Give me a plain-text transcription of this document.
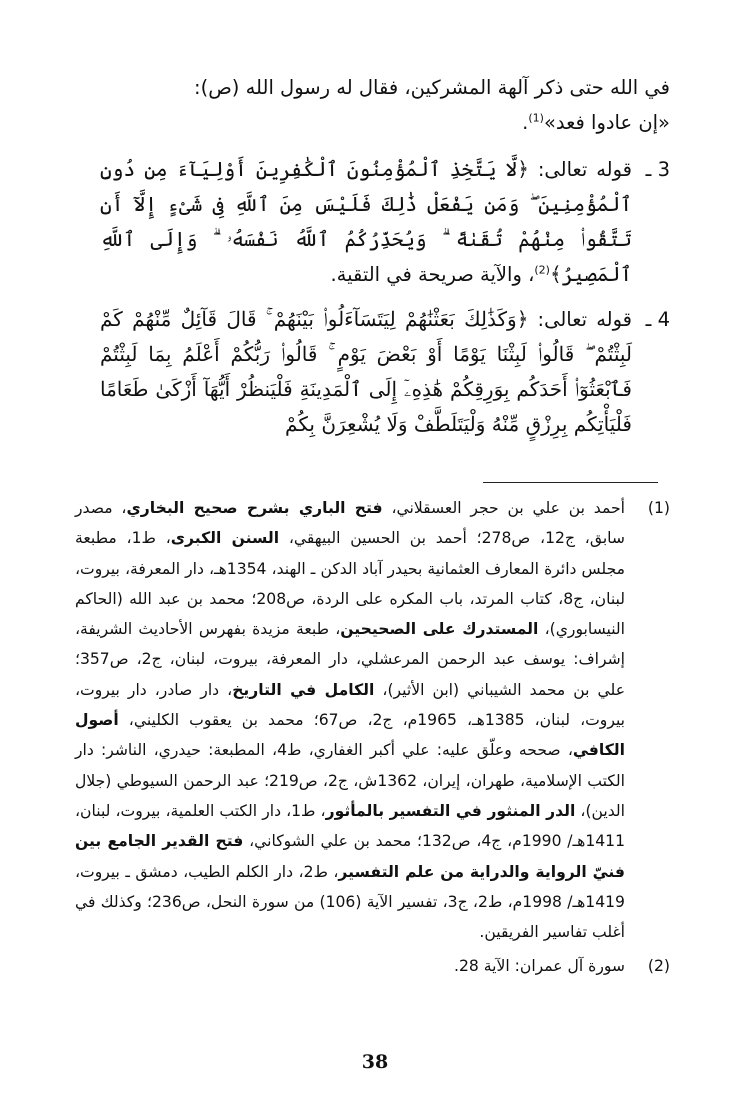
في الله حتى ذكر آلهة المشركين، فقال له رسول الله (ص):
«إن عادوا فعد»$^{(1)}$.

3 ـ
قوله تعالى: ﴿لَّا يَتَّخِذِ ٱلْمُؤْمِنُونَ ٱلْكَٰفِرِينَ أَوْلِيَآءَ مِن دُونِ ٱلْمُؤْمِنِينَ ۖ وَمَن يَفْعَلْ ذَٰلِكَ فَلَيْسَ مِنَ ٱللَّهِ فِى شَىْءٍ إِلَّآ أَن تَتَّقُوا۟ مِنْهُمْ تُقَىٰةً ۗ وَيُحَذِّرُكُمُ ٱللَّهُ نَفْسَهُۥ ۗ وَإِلَى ٱللَّهِ ٱلْمَصِيرُ﴾$^{(2)}$، والآية صريحة في التقية.
4 ـ
قوله تعالى: ﴿وَكَذَٰلِكَ بَعَثْنَٰهُمْ لِيَتَسَآءَلُوا۟ بَيْنَهُمْ ۚ قَالَ قَآئِلٌ مِّنْهُمْ كَمْ لَبِثْتُمْ ۖ قَالُوا۟ لَبِثْنَا يَوْمًا أَوْ بَعْضَ يَوْمٍ ۚ قَالُوا۟ رَبُّكُمْ أَعْلَمُ بِمَا لَبِثْتُمْ فَٱبْعَثُوٓا۟ أَحَدَكُم بِوَرِقِكُمْ هَٰذِهِۦٓ إِلَى ٱلْمَدِينَةِ فَلْيَنظُرْ أَيُّهَآ أَزْكَىٰ طَعَامًا فَلْيَأْتِكُم بِرِزْقٍ مِّنْهُ وَلْيَتَلَطَّفْ وَلَا يُشْعِرَنَّ بِكُمْ
(1)
أحمد بن علي بن حجر العسقلاني، فتح الباري بشرح صحيح البخاري، مصدر سابق، ج12، ص278؛ أحمد بن الحسين البيهقي، السنن الكبرى، ط1، مطبعة مجلس دائرة المعارف العثمانية بحيدر آباد الدكن ـ الهند، 1354هـ، دار المعرفة، بيروت، لبنان، ج8، كتاب المرتد، باب المكره على الردة، ص208؛ محمد بن عبد الله (الحاكم النيسابوري)، المستدرك على الصحيحين، طبعة مزيدة بفهرس الأحاديث الشريفة، إشراف: يوسف عبد الرحمن المرعشلي، دار المعرفة، بيروت، لبنان، ج2، ص357؛ علي بن محمد الشيباني (ابن الأثير)، الكامل في التاريخ، دار صادر، دار بيروت، بيروت، لبنان، 1385هـ، 1965م، ج2، ص67؛ محمد بن يعقوب الكليني، أصول الكافي، صححه وعلّق عليه: علي أكبر الغفاري، ط4، المطبعة: حيدري، الناشر: دار الكتب الإسلامية، طهران، إيران، 1362ش، ج2، ص219؛ عبد الرحمن السيوطي (جلال الدين)، الدر المنثور في التفسير بالمأثور، ط1، دار الكتب العلمية، بيروت، لبنان، 1411هـ/ 1990م، ج4، ص132؛ محمد بن علي الشوكاني، فتح القدير الجامع بين فنيّ الرواية والدراية من علم التفسير، ط2، دار الكلم الطيب، دمشق ـ بيروت، 1419هـ/ 1998م، ط2، ج3، تفسير الآية (106) من سورة النحل، ص236؛ وكذلك في أغلب تفاسير الفريقين.
(2)
سورة آل عمران: الآية 28.
38
